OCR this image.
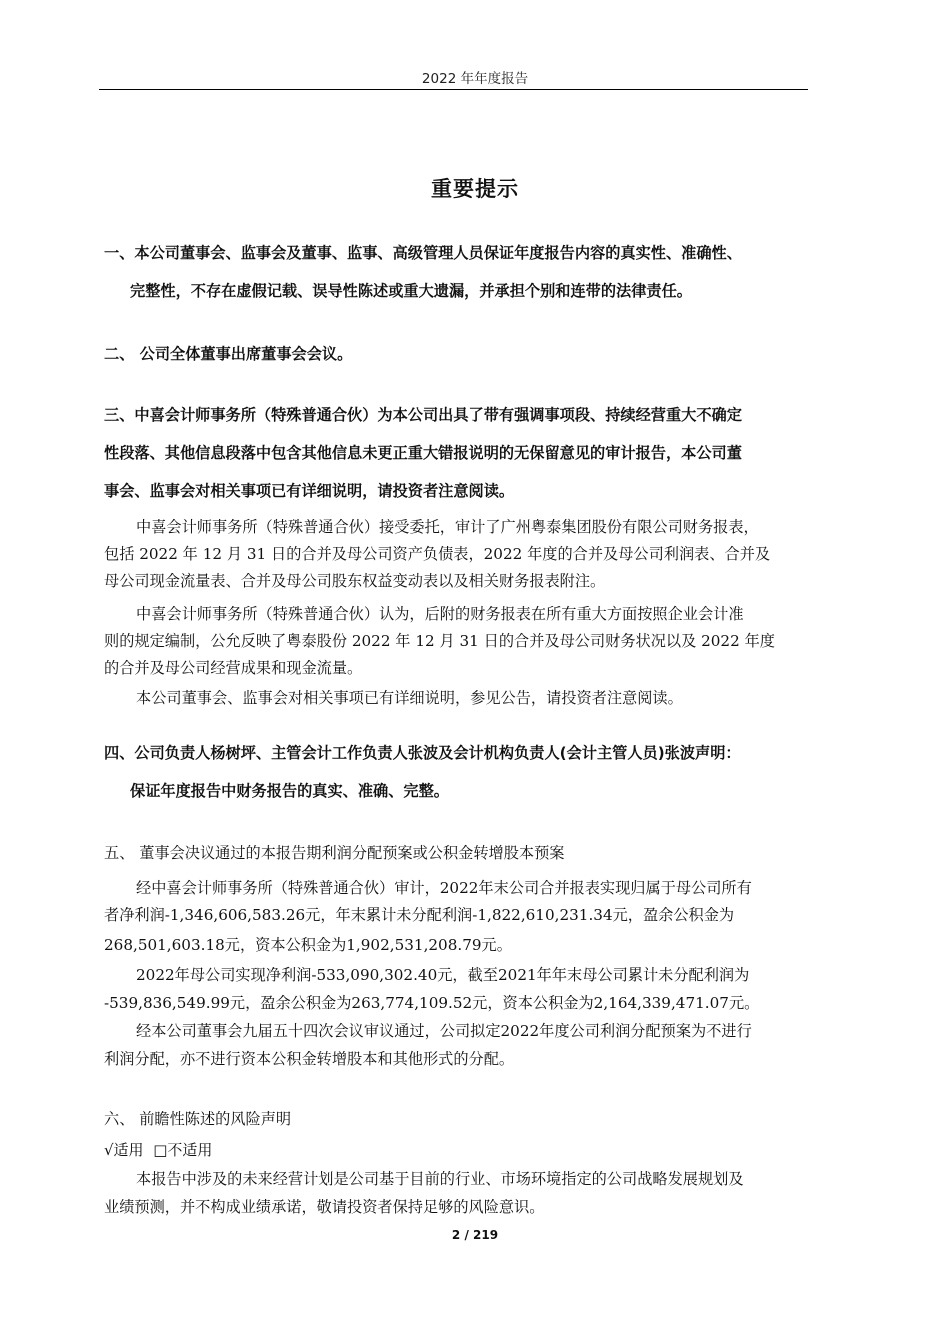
2022 年年度报告
重要提示
一、本公司董事会、监事会及董事、监事、高级管理人员保证年度报告内容的真实性、准确性、
完整性，不存在虚假记载、误导性陈述或重大遗漏，并承担个别和连带的法律责任。
二、 公司全体董事出席董事会会议。
三、中喜会计师事务所（特殊普通合伙）为本公司出具了带有强调事项段、持续经营重大不确定
性段落、其他信息段落中包含其他信息未更正重大错报说明的无保留意见的审计报告，本公司董
事会、监事会对相关事项已有详细说明，请投资者注意阅读。
中喜会计师事务所（特殊普通合伙）接受委托，审计了广州粤泰集团股份有限公司财务报表，
包括 2022 年 12 月 31 日的合并及母公司资产负债表，2022 年度的合并及母公司利润表、合并及
母公司现金流量表、合并及母公司股东权益变动表以及相关财务报表附注。
中喜会计师事务所（特殊普通合伙）认为，后附的财务报表在所有重大方面按照企业会计准
则的规定编制，公允反映了粤泰股份 2022 年 12 月 31 日的合并及母公司财务状况以及 2022 年度
的合并及母公司经营成果和现金流量。
本公司董事会、监事会对相关事项已有详细说明，参见公告，请投资者注意阅读。
四、公司负责人杨树坪、主管会计工作负责人张波及会计机构负责人(会计主管人员)张波声明：
保证年度报告中财务报告的真实、准确、完整。
五、 董事会决议通过的本报告期利润分配预案或公积金转增股本预案
经中喜会计师事务所（特殊普通合伙）审计，2022年末公司合并报表实现归属于母公司所有
者净利润-1,346,606,583.26元，年末累计未分配利润-1,822,610,231.34元，盈余公积金为
268,501,603.18元，资本公积金为1,902,531,208.79元。
2022年母公司实现净利润-533,090,302.40元，截至2021年年末母公司累计未分配利润为
-539,836,549.99元，盈余公积金为263,774,109.52元，资本公积金为2,164,339,471.07元。
经本公司董事会九届五十四次会议审议通过，公司拟定2022年度公司利润分配预案为不进行
利润分配，亦不进行资本公积金转增股本和其他形式的分配。
六、 前瞻性陈述的风险声明
√适用 □不适用
本报告中涉及的未来经营计划是公司基于目前的行业、市场环境指定的公司战略发展规划及
业绩预测，并不构成业绩承诺，敬请投资者保持足够的风险意识。
2 / 219
